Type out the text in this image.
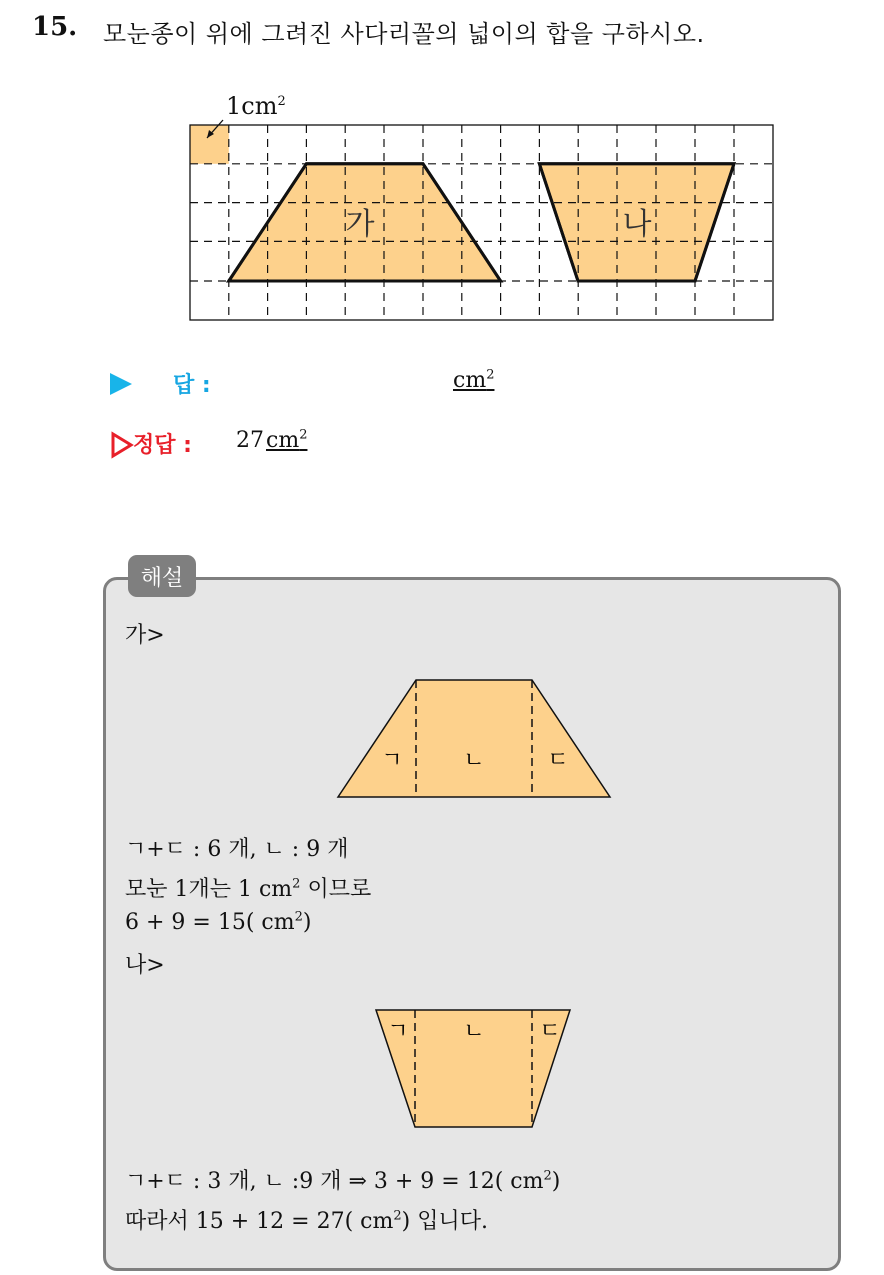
15. 모눈종이 위에 그려진 사다리꼴의 넓이의 합을 구하시오.
$1cm^2$
가	나
답 :	$cm^2$
정답 : $27cm^2$
해설
가>
ㄱ	ㄴ	ㄷ
ㄱ+ㄷ : 6 개, ㄴ : 9 개
모눈 1개는 1 $cm^2$ 이므로
6 + 9 = 15( $cm^2$)
나>
ㄱ ㄴ ㄷ
ㄱ+ㄷ : 3 개, ㄴ :9 개 ⇒ 3 + 9 = 12( $cm^2$)
따라서 15 + 12 = 27( $cm^2$) 입니다.
